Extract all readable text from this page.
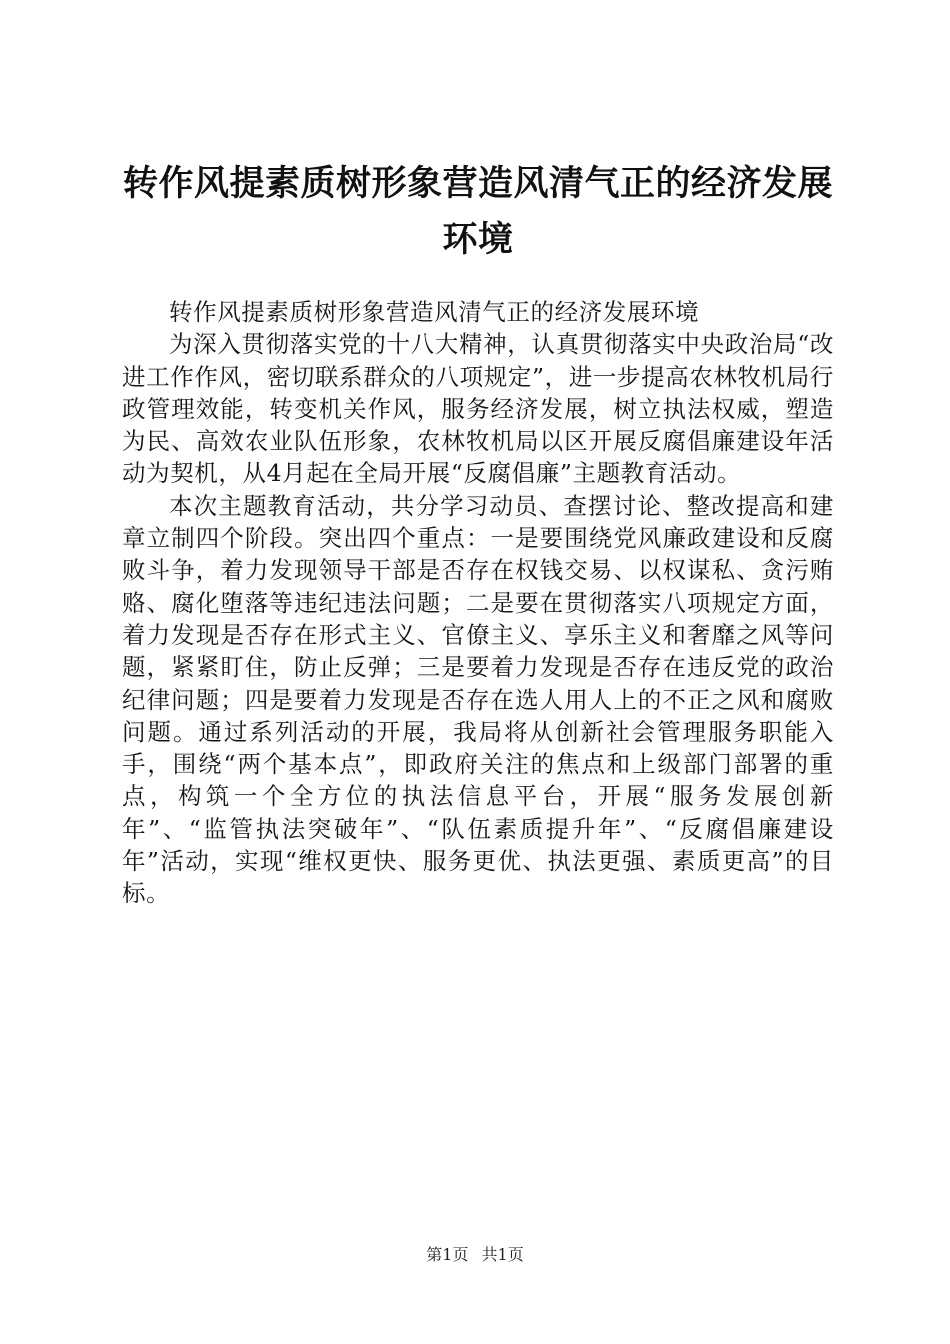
转作风提素质树形象营造风清气正的经济发展环境

转作风提素质树形象营造风清气正的经济发展环境

为深入贯彻落实党的十八大精神，认真贯彻落实中央政治局“改进工作作风，密切联系群众的八项规定”，进一步提高农林牧机局行政管理效能，转变机关作风，服务经济发展，树立执法权威，塑造为民、高效农业队伍形象，农林牧机局以区开展反腐倡廉建设年活动为契机，从4月起在全局开展“反腐倡廉”主题教育活动。

本次主题教育活动，共分学习动员、查摆讨论、整改提高和建章立制四个阶段。突出四个重点：一是要围绕党风廉政建设和反腐败斗争，着力发现领导干部是否存在权钱交易、以权谋私、贪污贿赂、腐化堕落等违纪违法问题；二是要在贯彻落实八项规定方面，着力发现是否存在形式主义、官僚主义、享乐主义和奢靡之风等问题，紧紧盯住，防止反弹；三是要着力发现是否存在违反党的政治纪律问题；四是要着力发现是否存在选人用人上的不正之风和腐败问题。通过系列活动的开展，我局将从创新社会管理服务职能入手，围绕“两个基本点”，即政府关注的焦点和上级部门部署的重点，构筑一个全方位的执法信息平台，开展“服务发展创新年”、“监管执法突破年”、“队伍素质提升年”、“反腐倡廉建设年”活动，实现“维权更快、服务更优、执法更强、素质更高”的目标。

第1页 共1页
